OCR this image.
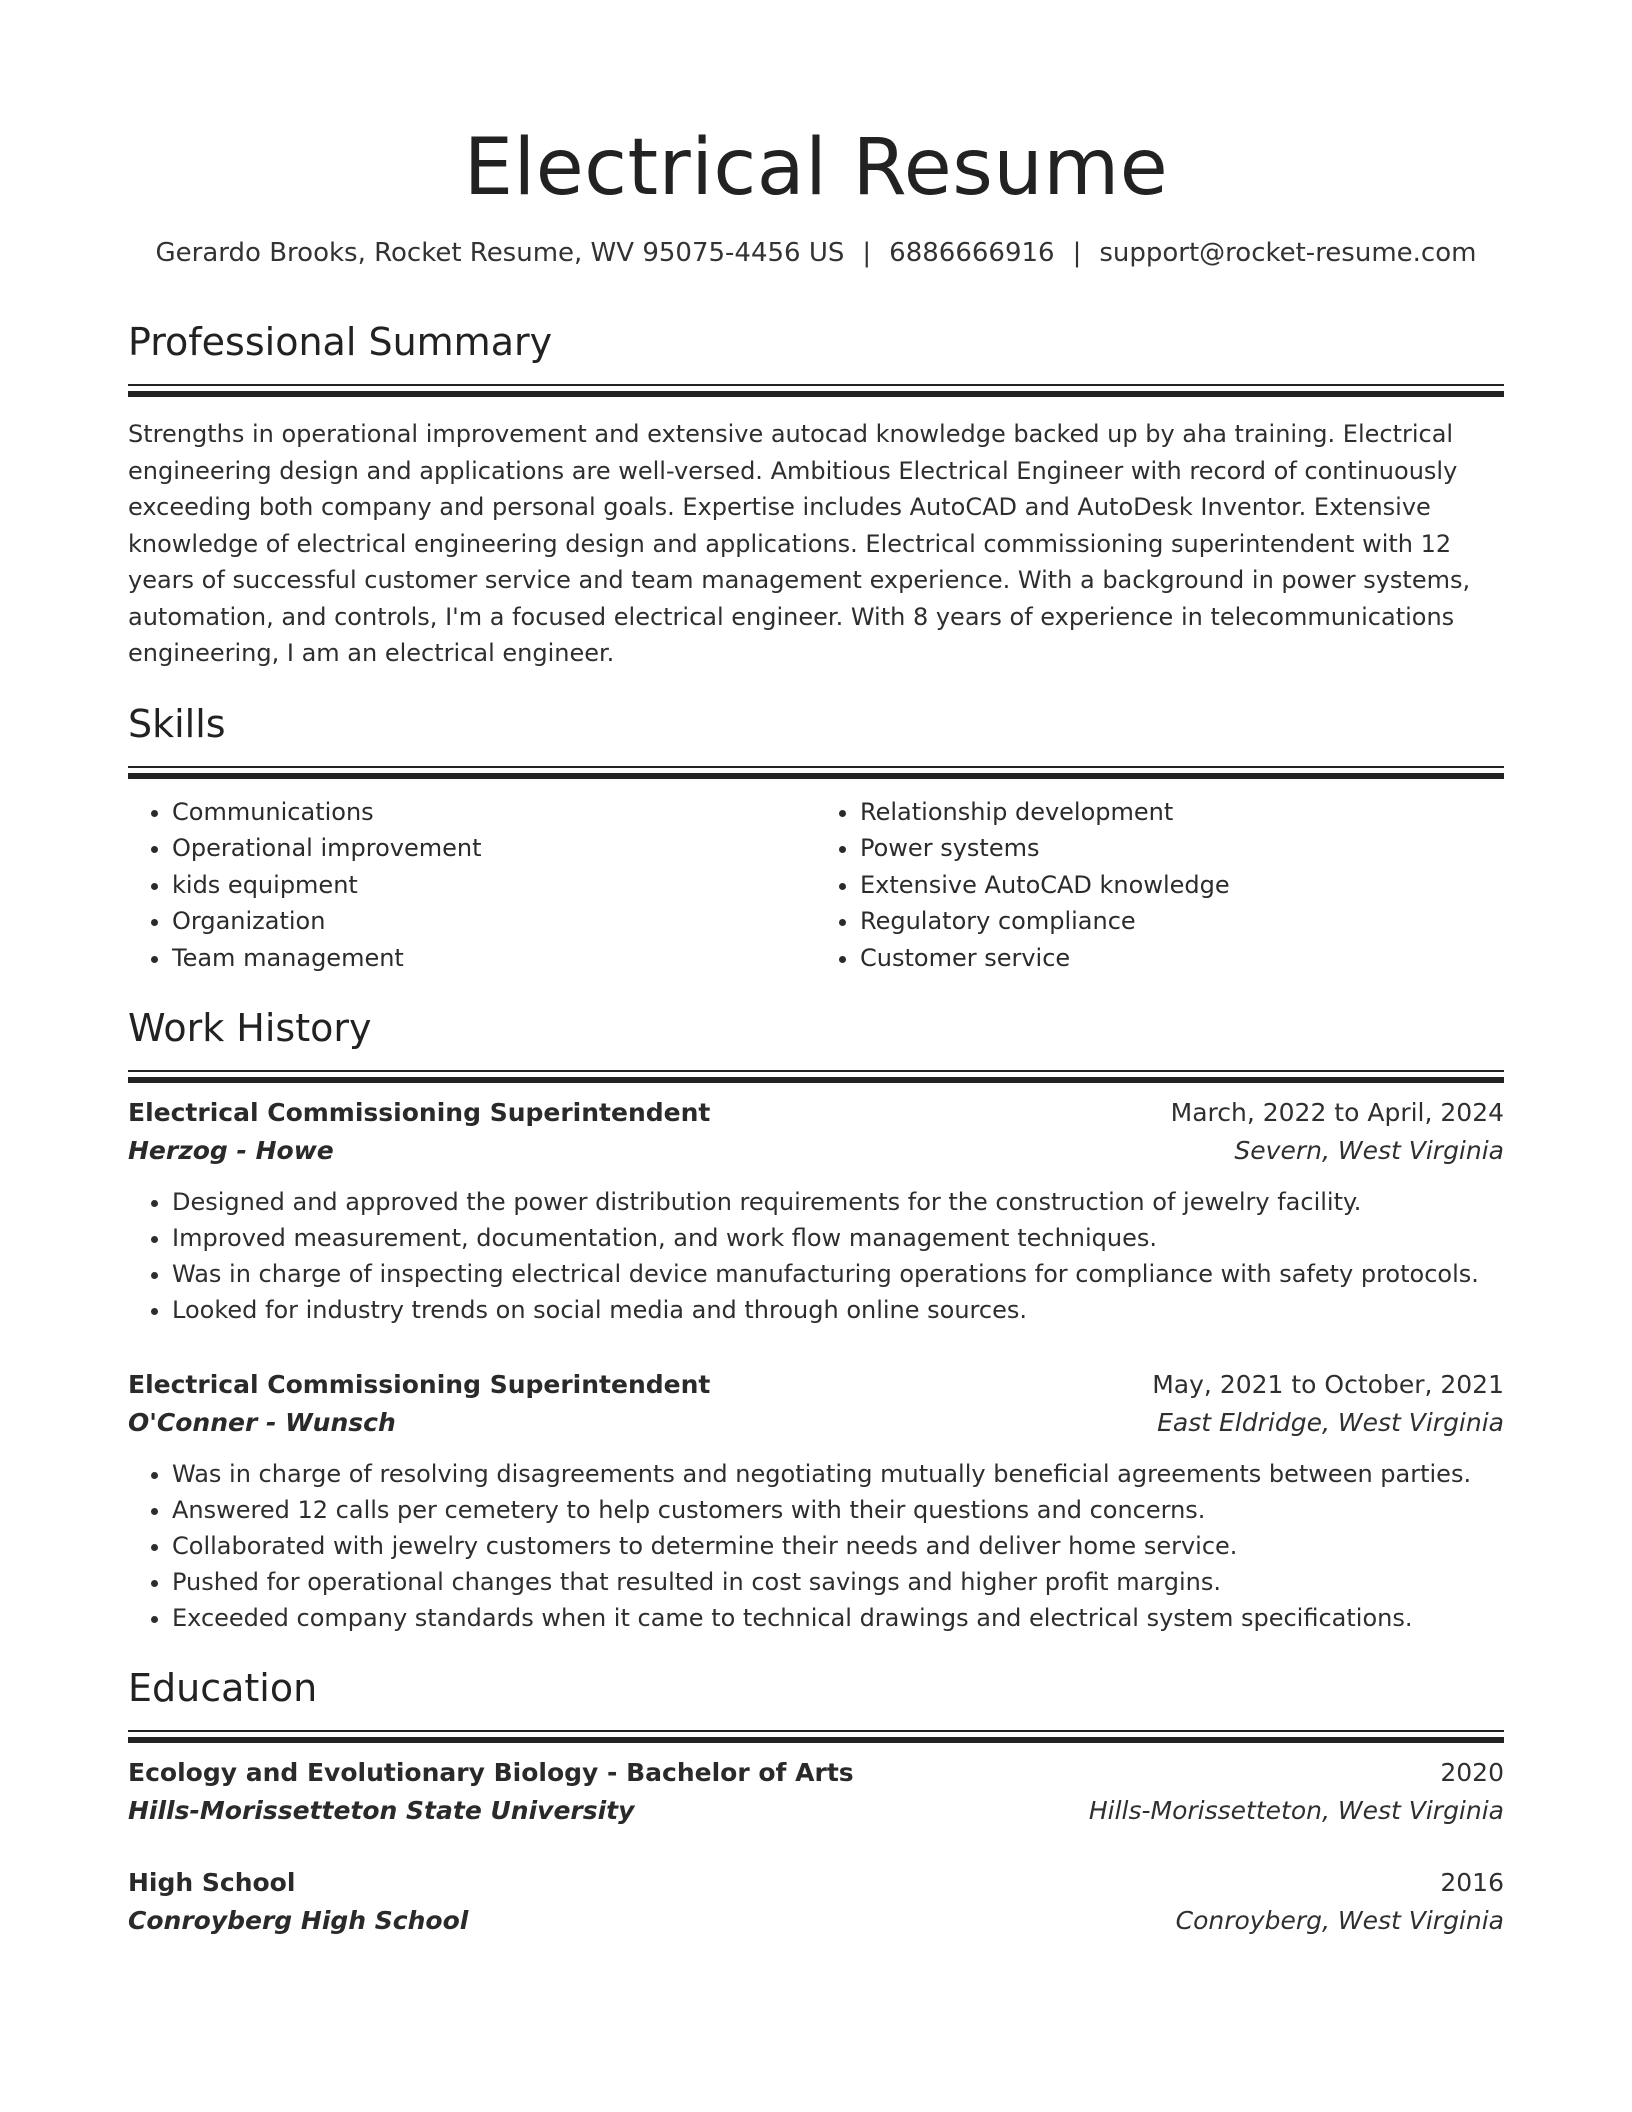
Electrical Resume
Gerardo Brooks, Rocket Resume, WV 95075-4456 US | 6886666916 | support@rocket-resume.com
Professional Summary
Strengths in operational improvement and extensive autocad knowledge backed up by aha training. Electrical engineering design and applications are well-versed. Ambitious Electrical Engineer with record of continuously exceeding both company and personal goals. Expertise includes AutoCAD and AutoDesk Inventor. Extensive knowledge of electrical engineering design and applications. Electrical commissioning superintendent with 12 years of successful customer service and team management experience. With a background in power systems, automation, and controls, I'm a focused electrical engineer. With 8 years of experience in telecommunications engineering, I am an electrical engineer.
Skills
• Communications
• Operational improvement
• kids equipment
• Organization
• Team management
• Relationship development
• Power systems
• Extensive AutoCAD knowledge
• Regulatory compliance
• Customer service
Work History
Electrical Commissioning Superintendent	March, 2022 to April, 2024
Herzog - Howe	Severn, West Virginia
• Designed and approved the power distribution requirements for the construction of jewelry facility.
• Improved measurement, documentation, and work flow management techniques.
• Was in charge of inspecting electrical device manufacturing operations for compliance with safety protocols.
• Looked for industry trends on social media and through online sources.
Electrical Commissioning Superintendent	May, 2021 to October, 2021
O'Conner - Wunsch	East Eldridge, West Virginia
• Was in charge of resolving disagreements and negotiating mutually beneficial agreements between parties.
• Answered 12 calls per cemetery to help customers with their questions and concerns.
• Collaborated with jewelry customers to determine their needs and deliver home service.
• Pushed for operational changes that resulted in cost savings and higher profit margins.
• Exceeded company standards when it came to technical drawings and electrical system specifications.
Education
Ecology and Evolutionary Biology - Bachelor of Arts	2020
Hills-Morissetteton State University	Hills-Morissetteton, West Virginia
High School	2016
Conroyberg High School	Conroyberg, West Virginia
